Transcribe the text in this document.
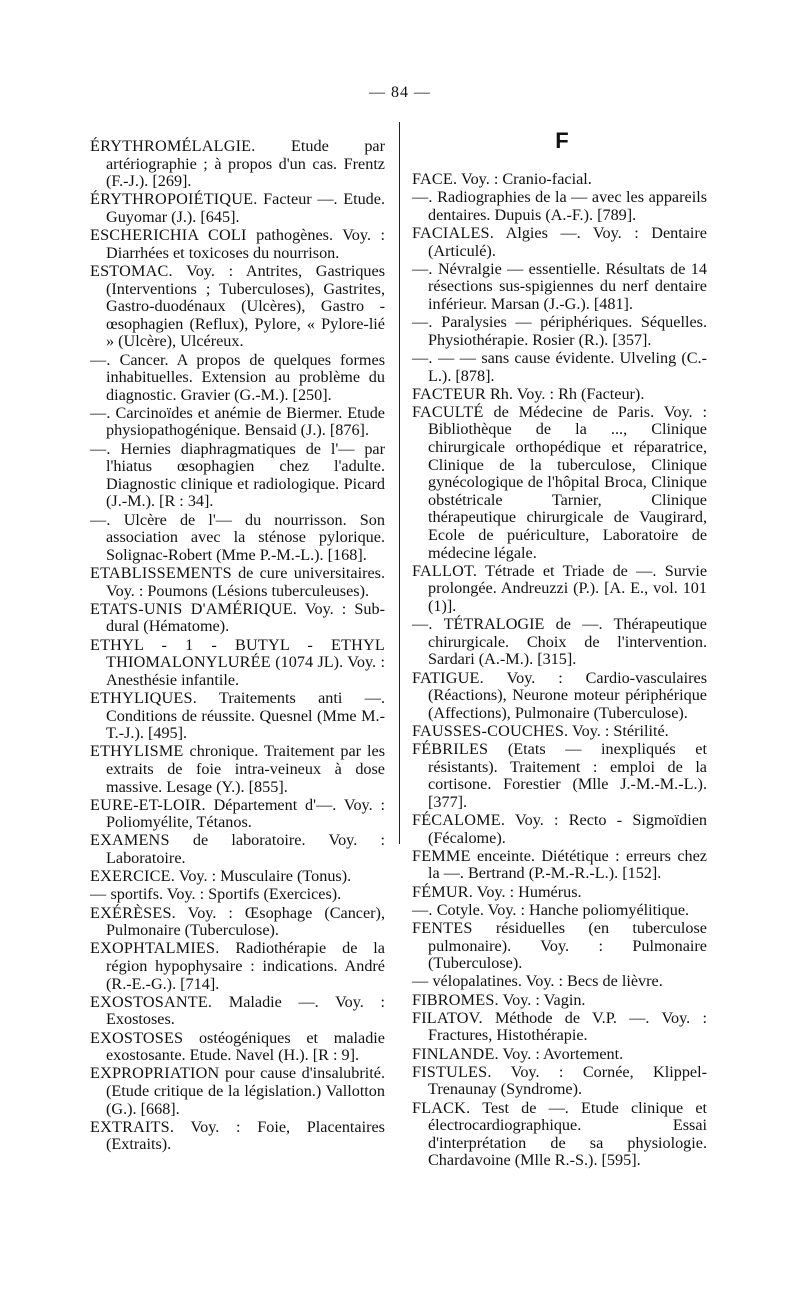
— 84 —
F

ÉRYTHROMÉLALGIE. Etude par artériographie ; à propos d'un cas. Frentz (F.-J.). [269].

ÉRYTHROPOIÉTIQUE. Facteur —. Etude. Guyomar (J.). [645].

ESCHERICHIA COLI pathogènes. Voy. : Diarrhées et toxicoses du nourrison.

ESTOMAC. Voy. : Antrites, Gastriques (Interventions ; Tuberculoses), Gastrites, Gastro-duodénaux (Ulcères), Gastro - œsophagien (Reflux), Pylore, « Pylore-lié » (Ulcère), Ulcéreux.

—. Cancer. A propos de quelques formes inhabituelles. Extension au problème du diagnostic. Gravier (G.-M.). [250].

—. Carcinoïdes et anémie de Biermer. Etude physiopathogénique. Bensaid (J.). [876].

—. Hernies diaphragmatiques de l'— par l'hiatus œsophagien chez l'adulte. Diagnostic clinique et radiologique. Picard (J.-M.). [R : 34].

—. Ulcère de l'— du nourrisson. Son association avec la sténose pylorique. Solignac-Robert (Mme P.-M.-L.). [168].

ETABLISSEMENTS de cure universitaires. Voy. : Poumons (Lésions tuberculeuses).

ETATS-UNIS D'AMÉRIQUE. Voy. : Sub-dural (Hématome).

ETHYL - 1 - BUTYL - ETHYL THIOMALONYLURÉE (1074 JL). Voy. : Anesthésie infantile.

ETHYLIQUES. Traitements anti —. Conditions de réussite. Quesnel (Mme M.-T.-J.). [495].

ETHYLISME chronique. Traitement par les extraits de foie intra-veineux à dose massive. Lesage (Y.). [855].

EURE-ET-LOIR. Département d'—. Voy. : Poliomyélite, Tétanos.

EXAMENS de laboratoire. Voy. : Laboratoire.

EXERCICE. Voy. : Musculaire (Tonus).

— sportifs. Voy. : Sportifs (Exercices).

EXÉRÈSES. Voy. : Œsophage (Cancer), Pulmonaire (Tuberculose).

EXOPHTALMIES. Radiothérapie de la région hypophysaire : indications. André (R.-E.-G.). [714].

EXOSTOSANTE. Maladie —. Voy. : Exostoses.

EXOSTOSES ostéogéniques et maladie exostosante. Etude. Navel (H.). [R : 9].

EXPROPRIATION pour cause d'insalubrité. (Etude critique de la législation.) Vallotton (G.). [668].

EXTRAITS. Voy. : Foie, Placentaires (Extraits).

FACE. Voy. : Cranio-facial.

—. Radiographies de la — avec les appareils dentaires. Dupuis (A.-F.). [789].

FACIALES. Algies —. Voy. : Dentaire (Articulé).

—. Névralgie — essentielle. Résultats de 14 résections sus-spigiennes du nerf dentaire inférieur. Marsan (J.-G.). [481].

—. Paralysies — périphériques. Séquelles. Physiothérapie. Rosier (R.). [357].

—. — — sans cause évidente. Ulveling (C.-L.). [878].

FACTEUR Rh. Voy. : Rh (Facteur).

FACULTÉ de Médecine de Paris. Voy. : Bibliothèque de la ..., Clinique chirurgicale orthopédique et réparatrice, Clinique de la tuberculose, Clinique gynécologique de l'hôpital Broca, Clinique obstétricale Tarnier, Clinique thérapeutique chirurgicale de Vaugirard, Ecole de puériculture, Laboratoire de médecine légale.

FALLOT. Tétrade et Triade de —. Survie prolongée. Andreuzzi (P.). [A. E., vol. 101 (1)].

—. TÉTRALOGIE de —. Thérapeutique chirurgicale. Choix de l'intervention. Sardari (A.-M.). [315].

FATIGUE. Voy. : Cardio-vasculaires (Réactions), Neurone moteur périphérique (Affections), Pulmonaire (Tuberculose).

FAUSSES-COUCHES. Voy. : Stérilité.

FÉBRILES (Etats — inexpliqués et résistants). Traitement : emploi de la cortisone. Forestier (Mlle J.-M.-M.-L.). [377].

FÉCALOME. Voy. : Recto - Sigmoïdien (Fécalome).

FEMME enceinte. Diététique : erreurs chez la —. Bertrand (P.-M.-R.-L.). [152].

FÉMUR. Voy. : Humérus.

—. Cotyle. Voy. : Hanche poliomyélitique.

FENTES résiduelles (en tuberculose pulmonaire). Voy. : Pulmonaire (Tuberculose).

— vélopalatines. Voy. : Becs de lièvre.

FIBROMES. Voy. : Vagin.

FILATOV. Méthode de V.P. —. Voy. : Fractures, Histothérapie.

FINLANDE. Voy. : Avortement.

FISTULES. Voy. : Cornée, Klippel-Trenaunay (Syndrome).

FLACK. Test de —. Etude clinique et électrocardiographique. Essai d'interprétation de sa physiologie. Chardavoine (Mlle R.-S.). [595].
